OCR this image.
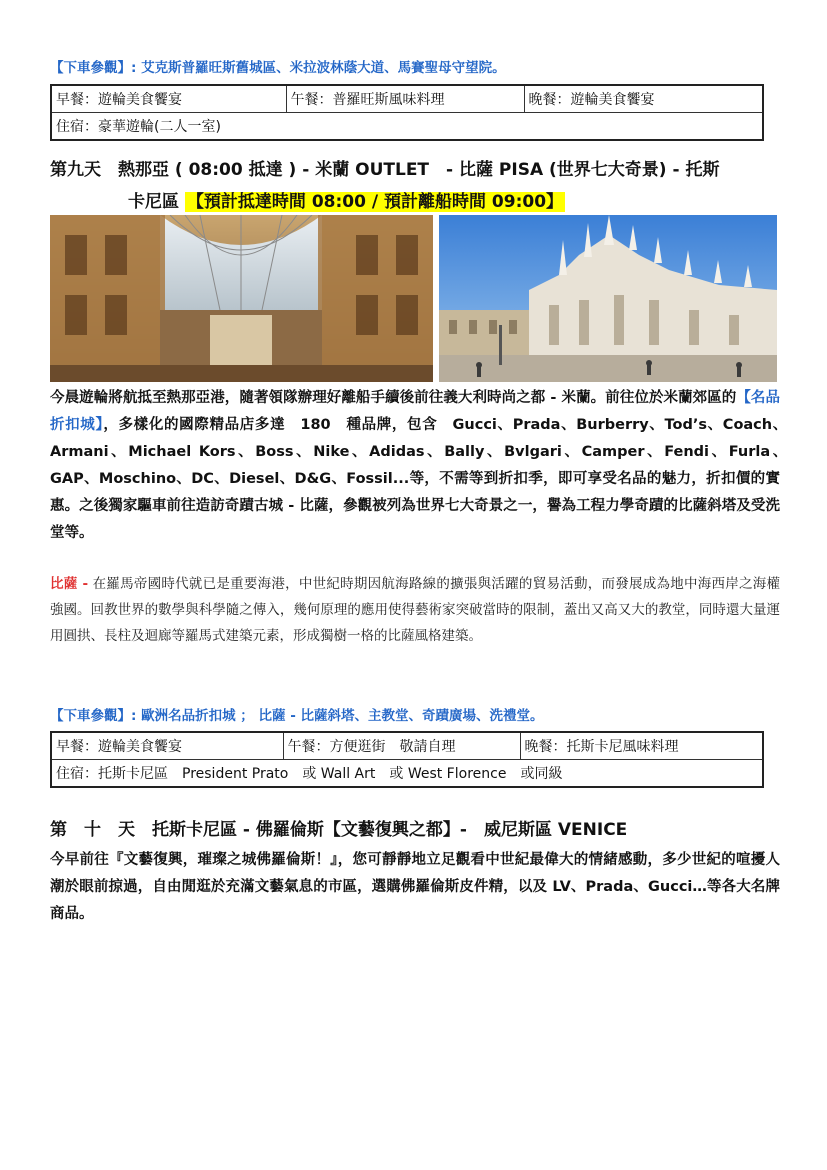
【下車參觀】: 艾克斯普羅旺斯舊城區、米拉波林蔭大道、馬賽聖母守望院。
早餐：遊輪美食饗宴	午餐：普羅旺斯風味料理	晚餐：遊輪美食饗宴
住宿：豪華遊輪(二人一室)
第九天　熱那亞 ( 08:00 抵達 ) - 米蘭 OUTLET　- 比薩 PISA (世界七大奇景) - 托斯
卡尼區 【預計抵達時間 08:00 / 預計離船時間 09:00】
今晨遊輪將航抵至熱那亞港，隨著領隊辦理好離船手續後前往義大利時尚之都 - 米蘭。前往位於米蘭郊區的【名品折扣城】，多樣化的國際精品店多達　180　種品牌，包含　Gucci、Prada、Burberry、Tod’s、Coach、　Armani、Michael Kors、Boss、Nike、Adidas、Bally、Bvlgari、Camper、Fendi、Furla、　GAP、Moschino、DC、Diesel、D&G、Fossil...等，不需等到折扣季，即可享受名品的魅力，折扣價的實惠。之後獨家驅車前往造訪奇蹟古城 - 比薩，參觀被列為世界七大奇景之一，譽為工程力學奇蹟的比薩斜塔及受洗堂等。
比薩 - 在羅馬帝國時代就已是重要海港，中世紀時期因航海路線的擴張與活躍的貿易活動，而發展成為地中海西岸之海權強國。回教世界的數學與科學隨之傳入，幾何原理的應用使得藝術家突破當時的限制，蓋出又高又大的教堂，同時還大量運用圓拱、長柱及迴廊等羅馬式建築元素，形成獨樹一格的比薩風格建築。
【下車參觀】: 歐洲名品折扣城 ； 比薩 - 比薩斜塔、主教堂、奇蹟廣場、洗禮堂。
早餐：遊輪美食饗宴	午餐：方便逛街　敬請自理	晚餐：托斯卡尼風味料理
住宿：托斯卡尼區　President Prato　或 Wall Art　或 West Florence　或同級
第　十　天　托斯卡尼區 - 佛羅倫斯【文藝復興之都】-　威尼斯區 VENICE
今早前往『文藝復興，璀璨之城佛羅倫斯！』，您可靜靜地立足觀看中世紀最偉大的情緒感動，多少世紀的喧擾人潮於眼前掠過，自由閒逛於充滿文藝氣息的市區，選購佛羅倫斯皮件精，以及 LV、Prada、Gucci…等各大名牌商品。
